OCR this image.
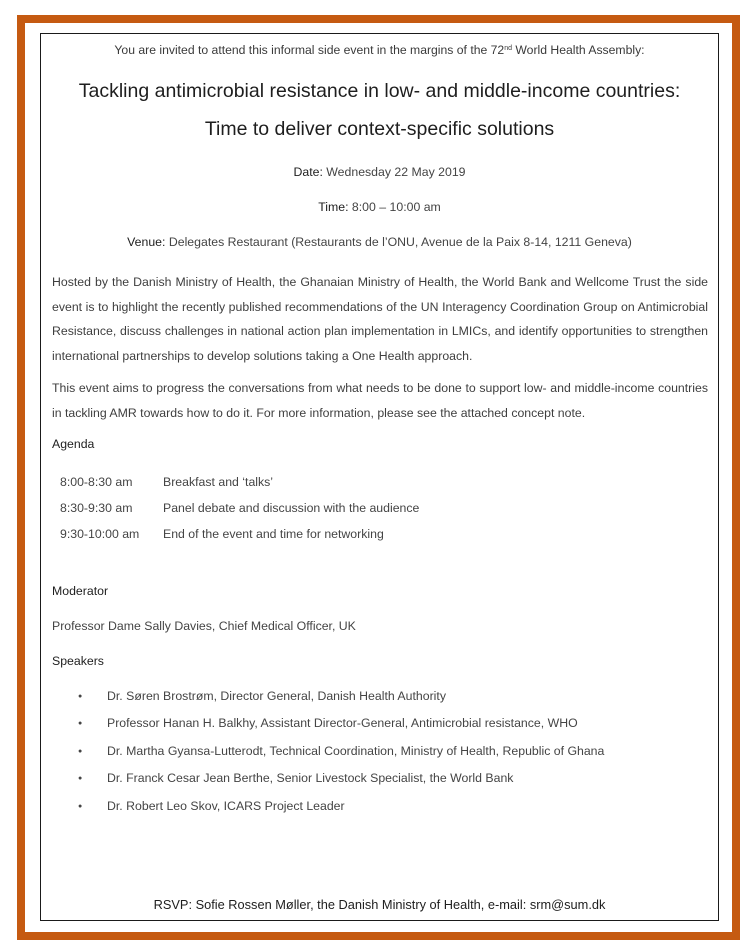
You are invited to attend this informal side event in the margins of the 72nd World Health Assembly:
Tackling antimicrobial resistance in low- and middle-income countries:
Time to deliver context-specific solutions
Date: Wednesday 22 May 2019
Time: 8:00 – 10:00 am
Venue: Delegates Restaurant (Restaurants de l’ONU, Avenue de la Paix 8-14, 1211 Geneva)
Hosted by the Danish Ministry of Health, the Ghanaian Ministry of Health, the World Bank and Wellcome Trust the side event is to highlight the recently published recommendations of the UN Interagency Coordination Group on Antimicrobial Resistance, discuss challenges in national action plan implementation in LMICs, and identify opportunities to strengthen international partnerships to develop solutions taking a One Health approach.
This event aims to progress the conversations from what needs to be done to support low- and middle-income countries in tackling AMR towards how to do it. For more information, please see the attached concept note.
Agenda
8:00-8:30 am Breakfast and ‘talks’
8:30-9:30 am Panel debate and discussion with the audience
9:30-10:00 am End of the event and time for networking
Moderator
Professor Dame Sally Davies, Chief Medical Officer, UK
Speakers
● Dr. Søren Brostrøm, Director General, Danish Health Authority
● Professor Hanan H. Balkhy, Assistant Director-General, Antimicrobial resistance, WHO
● Dr. Martha Gyansa-Lutterodt, Technical Coordination, Ministry of Health, Republic of Ghana
● Dr. Franck Cesar Jean Berthe, Senior Livestock Specialist, the World Bank
● Dr. Robert Leo Skov, ICARS Project Leader
RSVP: Sofie Rossen Møller, the Danish Ministry of Health, e-mail: srm@sum.dk
